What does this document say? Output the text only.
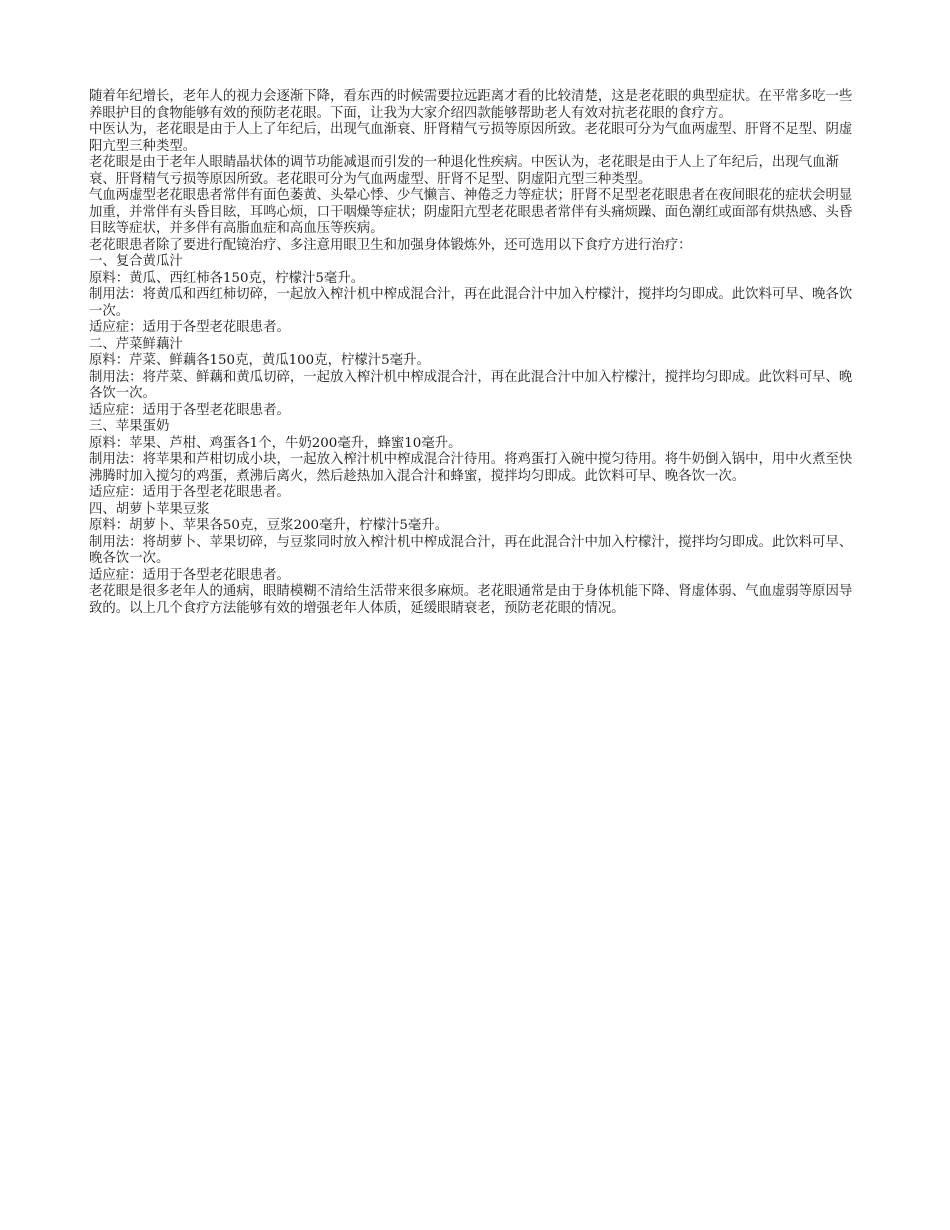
随着年纪增长，老年人的视力会逐渐下降，看东西的时候需要拉远距离才看的比较清楚，这是老花眼的典型症状。在平常多吃一些养眼护目的食物能够有效的预防老花眼。下面，让我为大家介绍四款能够帮助老人有效对抗老花眼的食疗方。

中医认为，老花眼是由于人上了年纪后，出现气血渐衰、肝肾精气亏损等原因所致。老花眼可分为气血两虚型、肝肾不足型、阴虚阳亢型三种类型。

老花眼是由于老年人眼睛晶状体的调节功能减退而引发的一种退化性疾病。中医认为，老花眼是由于人上了年纪后，出现气血渐衰、肝肾精气亏损等原因所致。老花眼可分为气血两虚型、肝肾不足型、阴虚阳亢型三种类型。

气血两虚型老花眼患者常伴有面色萎黄、头晕心悸、少气懒言、神倦乏力等症状；肝肾不足型老花眼患者在夜间眼花的症状会明显加重，并常伴有头昏目眩，耳鸣心烦，口干咽燥等症状；阴虚阳亢型老花眼患者常伴有头痛烦躁、面色潮红或面部有烘热感、头昏目眩等症状，并多伴有高脂血症和高血压等疾病。

老花眼患者除了要进行配镜治疗、多注意用眼卫生和加强身体锻炼外，还可选用以下食疗方进行治疗：

一、复合黄瓜汁

原料：黄瓜、西红柿各150克，柠檬汁5毫升。

制用法：将黄瓜和西红柿切碎，一起放入榨汁机中榨成混合汁，再在此混合汁中加入柠檬汁，搅拌均匀即成。此饮料可早、晚各饮一次。

适应症：适用于各型老花眼患者。

二、芹菜鲜藕汁

原料：芹菜、鲜藕各150克，黄瓜100克，柠檬汁5毫升。

制用法：将芹菜、鲜藕和黄瓜切碎，一起放入榨汁机中榨成混合汁，再在此混合汁中加入柠檬汁，搅拌均匀即成。此饮料可早、晚各饮一次。

适应症：适用于各型老花眼患者。

三、苹果蛋奶

原料：苹果、芦柑、鸡蛋各1个，牛奶200毫升，蜂蜜10毫升。

制用法：将苹果和芦柑切成小块，一起放入榨汁机中榨成混合汁待用。将鸡蛋打入碗中搅匀待用。将牛奶倒入锅中，用中火煮至快沸腾时加入搅匀的鸡蛋，煮沸后离火，然后趁热加入混合汁和蜂蜜，搅拌均匀即成。此饮料可早、晚各饮一次。

适应症：适用于各型老花眼患者。

四、胡萝卜苹果豆浆

原料：胡萝卜、苹果各50克，豆浆200毫升，柠檬汁5毫升。

制用法：将胡萝卜、苹果切碎，与豆浆同时放入榨汁机中榨成混合汁，再在此混合汁中加入柠檬汁，搅拌均匀即成。此饮料可早、晚各饮一次。

适应症：适用于各型老花眼患者。

老花眼是很多老年人的通病，眼睛模糊不清给生活带来很多麻烦。老花眼通常是由于身体机能下降、肾虚体弱、气血虚弱等原因导致的。以上几个食疗方法能够有效的增强老年人体质，延缓眼睛衰老，预防老花眼的情况。
